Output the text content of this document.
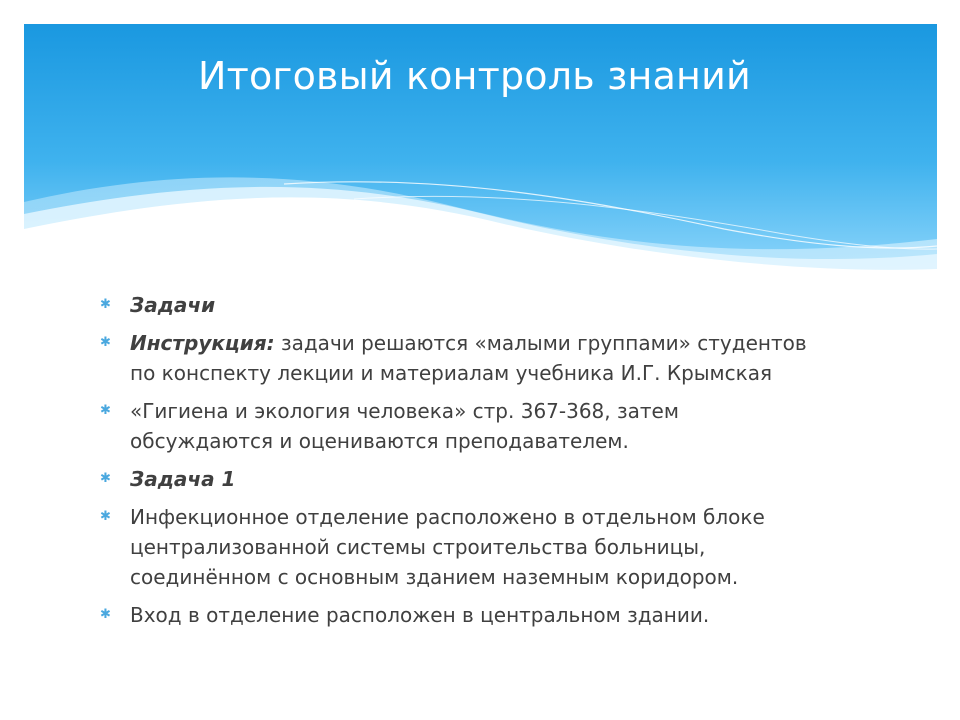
Итоговый контроль знаний
✱ Задачи
✱ Инструкция: задачи решаются «малыми группами» студентов
по конспекту лекции и материалам учебника И.Г. Крымская
✱ «Гигиена и экология человека» стр. 367-368, затем
обсуждаются и оцениваются преподавателем.
✱ Задача 1
✱ Инфекционное отделение расположено в отдельном блоке
централизованной системы строительства больницы,
соединённом с основным зданием наземным коридором.
✱ Вход в отделение расположен в центральном здании.
